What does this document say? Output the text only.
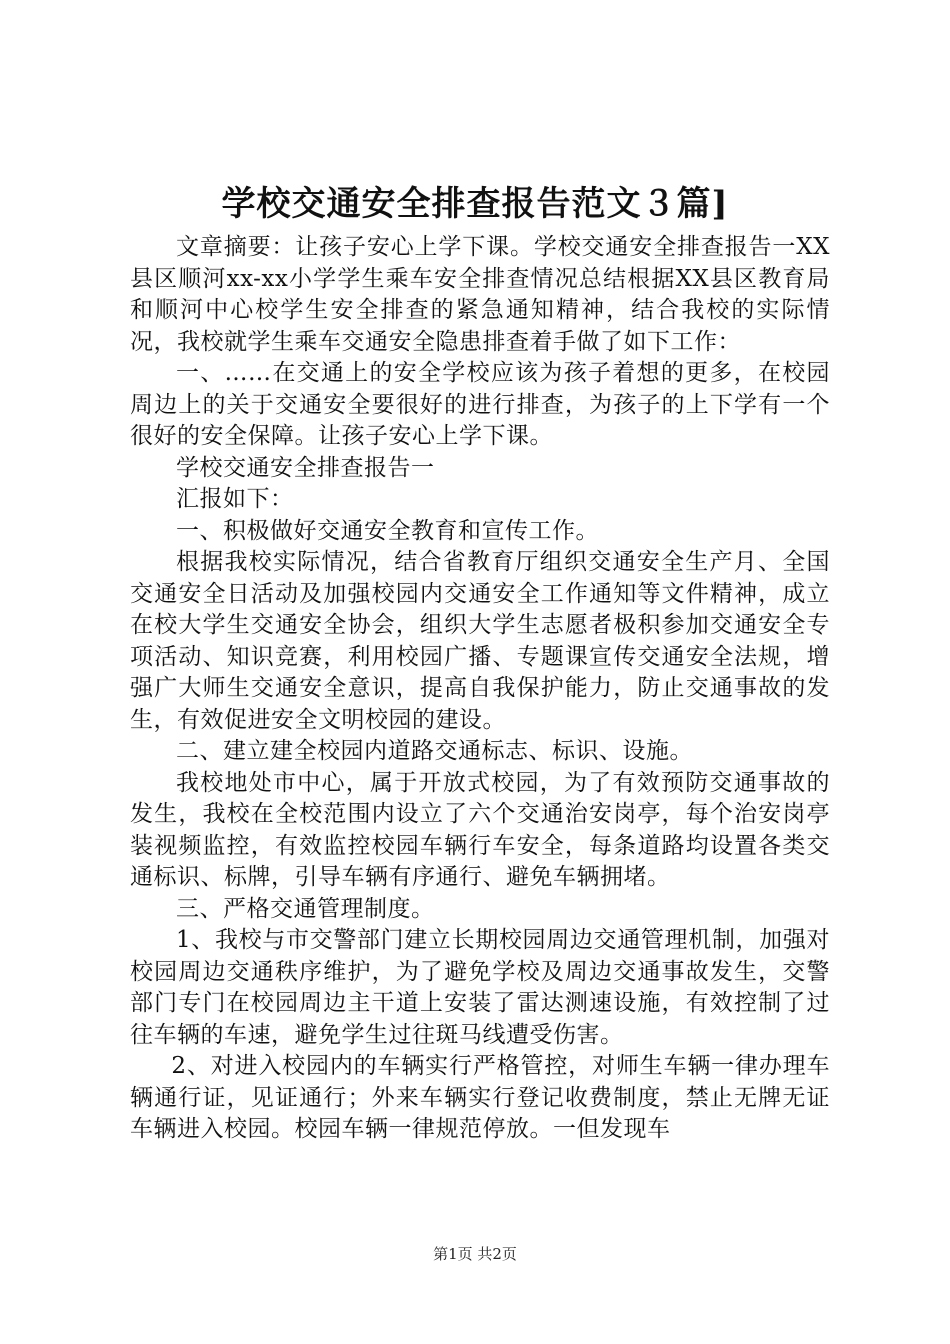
学校交通安全排查报告范文３篇]

文章摘要：让孩子安心上学下课。学校交通安全排查报告一XX县区顺河xx-xx小学学生乘车安全排查情况总结根据XX县区教育局和顺河中心校学生安全排查的紧急通知精神，结合我校的实际情况，我校就学生乘车交通安全隐患排查着手做了如下工作：

一、……在交通上的安全学校应该为孩子着想的更多，在校园周边上的关于交通安全要很好的进行排查，为孩子的上下学有一个很好的安全保障。让孩子安心上学下课。

学校交通安全排查报告一

汇报如下：

一、积极做好交通安全教育和宣传工作。

根据我校实际情况，结合省教育厅组织交通安全生产月、全国交通安全日活动及加强校园内交通安全工作通知等文件精神，成立在校大学生交通安全协会，组织大学生志愿者极积参加交通安全专项活动、知识竞赛，利用校园广播、专题课宣传交通安全法规，增强广大师生交通安全意识，提高自我保护能力，防止交通事故的发生，有效促进安全文明校园的建设。

二、建立建全校园内道路交通标志、标识、设施。

我校地处市中心，属于开放式校园，为了有效预防交通事故的发生，我校在全校范围内设立了六个交通治安岗亭，每个治安岗亭装视频监控，有效监控校园车辆行车安全，每条道路均设置各类交通标识、标牌，引导车辆有序通行、避免车辆拥堵。

三、严格交通管理制度。

1、我校与市交警部门建立长期校园周边交通管理机制，加强对校园周边交通秩序维护，为了避免学校及周边交通事故发生，交警部门专门在校园周边主干道上安装了雷达测速设施，有效控制了过往车辆的车速，避免学生过往斑马线遭受伤害。

2、对进入校园内的车辆实行严格管控，对师生车辆一律办理车辆通行证，见证通行；外来车辆实行登记收费制度，禁止无牌无证车辆进入校园。校园车辆一律规范停放。一但发现车

第1页 共2页
